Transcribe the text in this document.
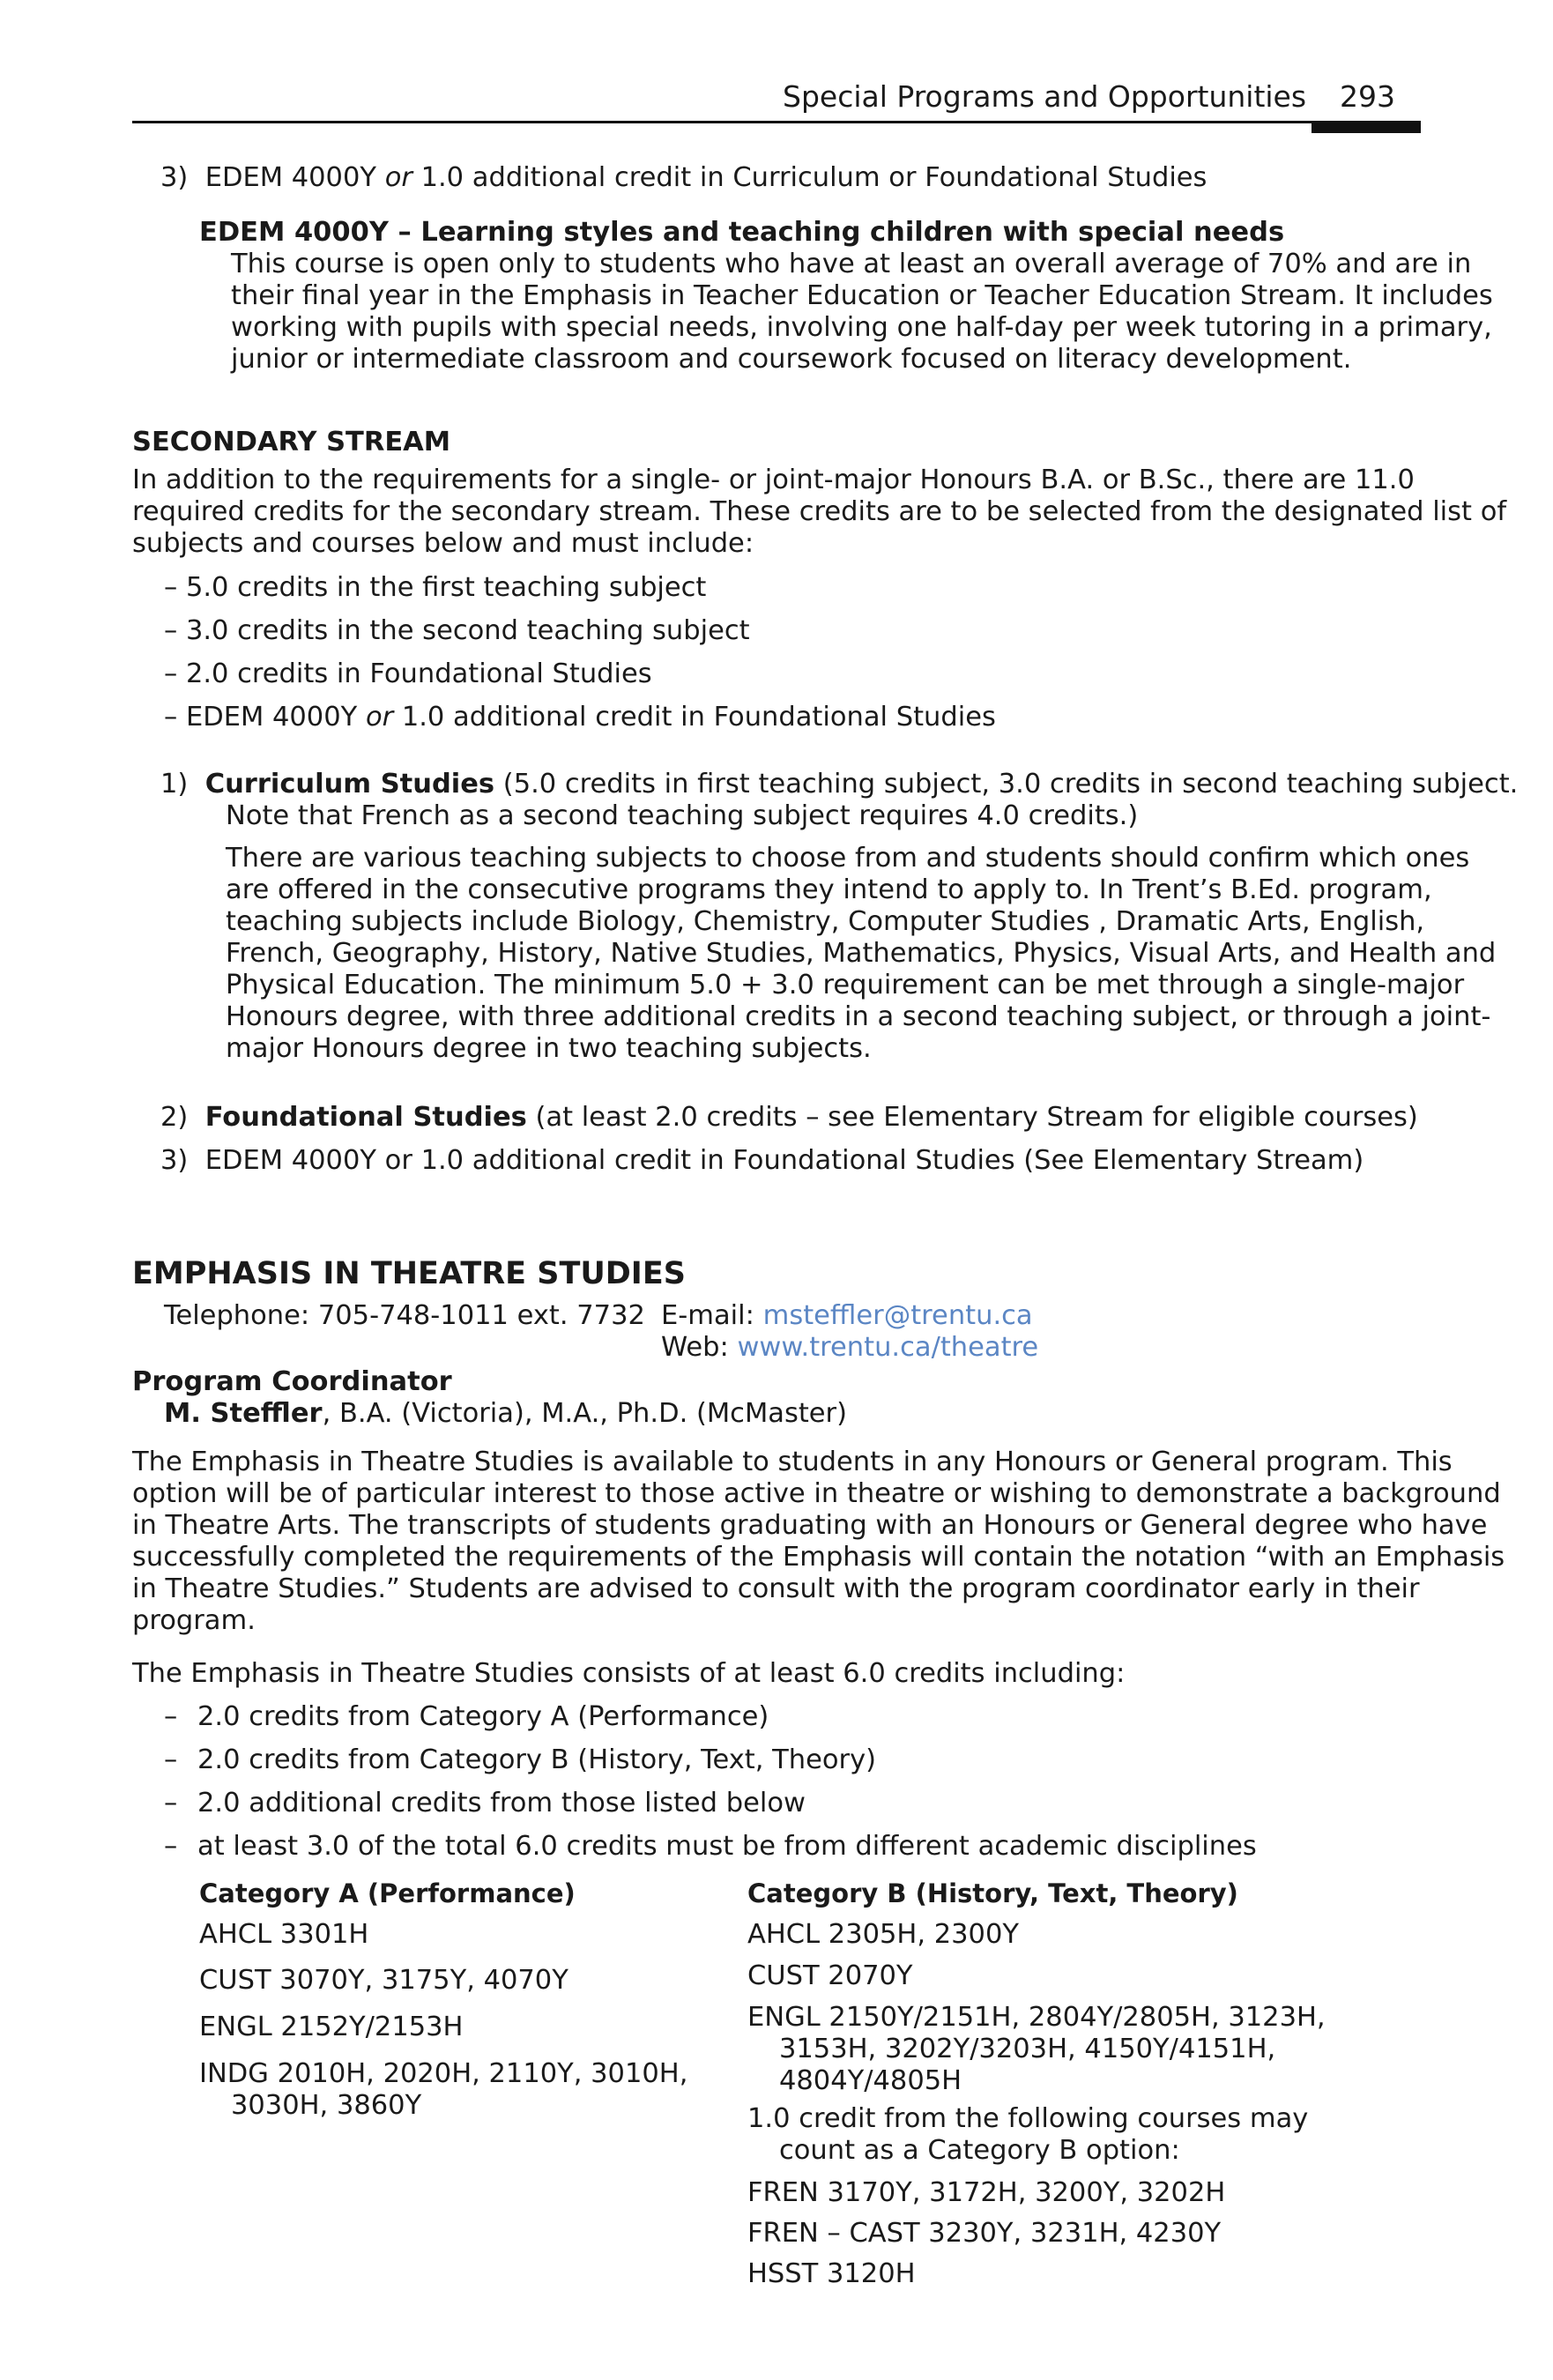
Special Programs and Opportunities 293
3) EDEM 4000Y or 1.0 additional credit in Curriculum or Foundational Studies
EDEM 4000Y – Learning styles and teaching children with special needs
This course is open only to students who have at least an overall average of 70% and are in
their final year in the Emphasis in Teacher Education or Teacher Education Stream. It includes
working with pupils with special needs, involving one half-day per week tutoring in a primary,
junior or intermediate classroom and coursework focused on literacy development.
SECONDARY STREAM
In addition to the requirements for a single- or joint-major Honours B.A. or B.Sc., there are 11.0
required credits for the secondary stream. These credits are to be selected from the designated list of
subjects and courses below and must include:
– 5.0 credits in the first teaching subject
– 3.0 credits in the second teaching subject
– 2.0 credits in Foundational Studies
– EDEM 4000Y or 1.0 additional credit in Foundational Studies
1) Curriculum Studies (5.0 credits in first teaching subject, 3.0 credits in second teaching subject.
Note that French as a second teaching subject requires 4.0 credits.)
There are various teaching subjects to choose from and students should confirm which ones
are offered in the consecutive programs they intend to apply to. In Trent’s B.Ed. program,
teaching subjects include Biology, Chemistry, Computer Studies , Dramatic Arts, English,
French, Geography, History, Native Studies, Mathematics, Physics, Visual Arts, and Health and
Physical Education. The minimum 5.0 + 3.0 requirement can be met through a single-major
Honours degree, with three additional credits in a second teaching subject, or through a joint-
major Honours degree in two teaching subjects.
2) Foundational Studies (at least 2.0 credits – see Elementary Stream for eligible courses)
3) EDEM 4000Y or 1.0 additional credit in Foundational Studies (See Elementary Stream)
EMPHASIS IN THEATRE STUDIES
Telephone: 705-748-1011 ext. 7732 E-mail: msteffler@trentu.ca
Web: www.trentu.ca/theatre
Program Coordinator
M. Steffler, B.A. (Victoria), M.A., Ph.D. (McMaster)
The Emphasis in Theatre Studies is available to students in any Honours or General program. This
option will be of particular interest to those active in theatre or wishing to demonstrate a background
in Theatre Arts. The transcripts of students graduating with an Honours or General degree who have
successfully completed the requirements of the Emphasis will contain the notation “with an Emphasis
in Theatre Studies.” Students are advised to consult with the program coordinator early in their
program.
The Emphasis in Theatre Studies consists of at least 6.0 credits including:
– 2.0 credits from Category A (Performance)
– 2.0 credits from Category B (History, Text, Theory)
– 2.0 additional credits from those listed below
– at least 3.0 of the total 6.0 credits must be from different academic disciplines
Category A (Performance)
AHCL 3301H
CUST 3070Y, 3175Y, 4070Y
ENGL 2152Y/2153H
INDG 2010H, 2020H, 2110Y, 3010H,
3030H, 3860Y
Category B (History, Text, Theory)
AHCL 2305H, 2300Y
CUST 2070Y
ENGL 2150Y/2151H, 2804Y/2805H, 3123H,
3153H, 3202Y/3203H, 4150Y/4151H,
4804Y/4805H
1.0 credit from the following courses may
count as a Category B option:
FREN 3170Y, 3172H, 3200Y, 3202H
FREN – CAST 3230Y, 3231H, 4230Y
HSST 3120H
